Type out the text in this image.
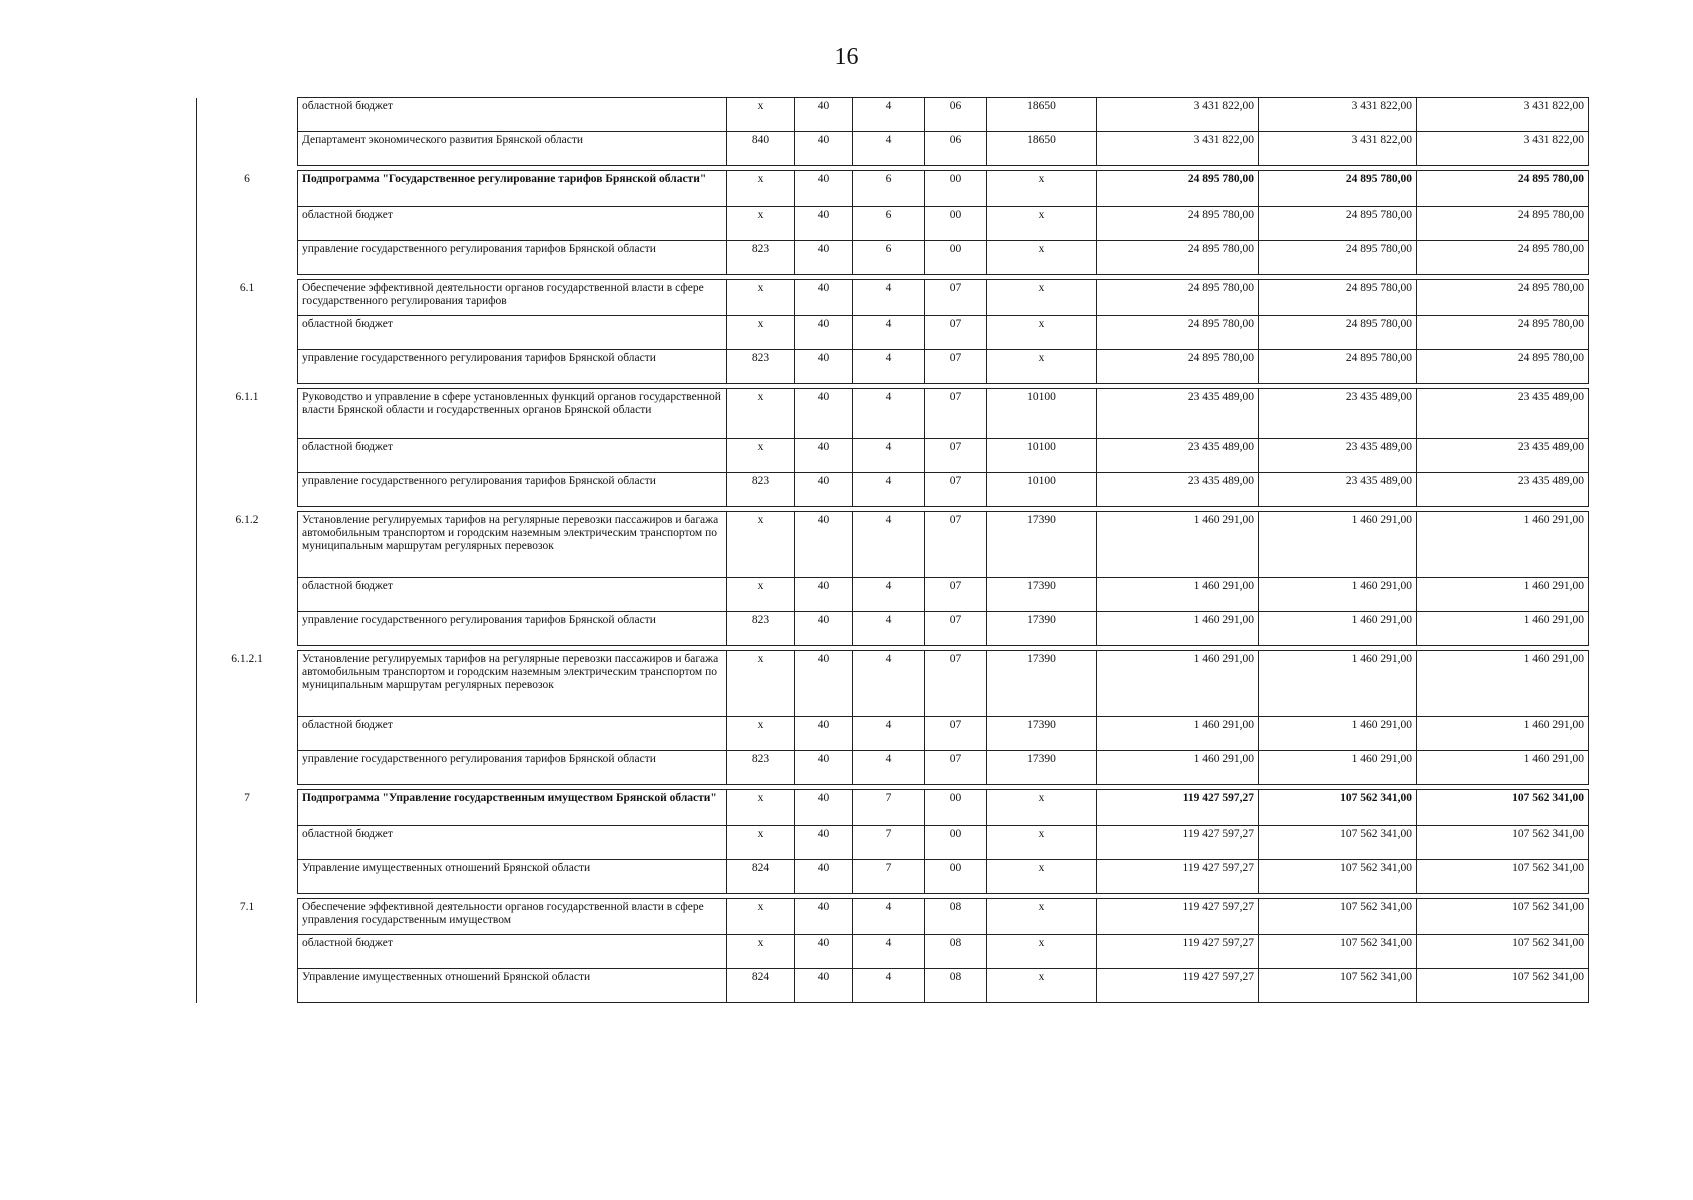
16
	областной бюджет	x	40	4	06	18650	3 431 822,00	3 431 822,00	3 431 822,00
	Департамент экономического развития Брянской области	840	40	4	06	18650	3 431 822,00	3 431 822,00	3 431 822,00

6	Подпрограмма "Государственное регулирование тарифов Брянской области"	x	40	6	00	x	24 895 780,00	24 895 780,00	24 895 780,00
	областной бюджет	x	40	6	00	x	24 895 780,00	24 895 780,00	24 895 780,00
	управление государственного регулирования тарифов Брянской области	823	40	6	00	x	24 895 780,00	24 895 780,00	24 895 780,00

6.1	Обеспечение эффективной деятельности органов государственной власти в сфере государственного регулирования тарифов	x	40	4	07	x	24 895 780,00	24 895 780,00	24 895 780,00
	областной бюджет	x	40	4	07	x	24 895 780,00	24 895 780,00	24 895 780,00
	управление государственного регулирования тарифов Брянской области	823	40	4	07	x	24 895 780,00	24 895 780,00	24 895 780,00

6.1.1	Руководство и управление в сфере установленных функций органов государственной власти Брянской области и государственных органов Брянской области	x	40	4	07	10100	23 435 489,00	23 435 489,00	23 435 489,00
	областной бюджет	x	40	4	07	10100	23 435 489,00	23 435 489,00	23 435 489,00
	управление государственного регулирования тарифов Брянской области	823	40	4	07	10100	23 435 489,00	23 435 489,00	23 435 489,00

6.1.2	Установление регулируемых тарифов на регулярные перевозки пассажиров и багажа автомобильным транспортом и городским наземным электрическим транспортом по муниципальным маршрутам регулярных перевозок	x	40	4	07	17390	1 460 291,00	1 460 291,00	1 460 291,00
	областной бюджет	x	40	4	07	17390	1 460 291,00	1 460 291,00	1 460 291,00
	управление государственного регулирования тарифов Брянской области	823	40	4	07	17390	1 460 291,00	1 460 291,00	1 460 291,00

6.1.2.1	Установление регулируемых тарифов на регулярные перевозки пассажиров и багажа автомобильным транспортом и городским наземным электрическим транспортом по муниципальным маршрутам регулярных перевозок	x	40	4	07	17390	1 460 291,00	1 460 291,00	1 460 291,00
	областной бюджет	x	40	4	07	17390	1 460 291,00	1 460 291,00	1 460 291,00
	управление государственного регулирования тарифов Брянской области	823	40	4	07	17390	1 460 291,00	1 460 291,00	1 460 291,00

7	Подпрограмма "Управление государственным имуществом Брянской области"	x	40	7	00	x	119 427 597,27	107 562 341,00	107 562 341,00
	областной бюджет	x	40	7	00	x	119 427 597,27	107 562 341,00	107 562 341,00
	Управление имущественных отношений Брянской области	824	40	7	00	x	119 427 597,27	107 562 341,00	107 562 341,00

7.1	Обеспечение эффективной деятельности органов государственной власти в сфере управления государственным имуществом	x	40	4	08	x	119 427 597,27	107 562 341,00	107 562 341,00
	областной бюджет	x	40	4	08	x	119 427 597,27	107 562 341,00	107 562 341,00
	Управление имущественных отношений Брянской области	824	40	4	08	x	119 427 597,27	107 562 341,00	107 562 341,00
